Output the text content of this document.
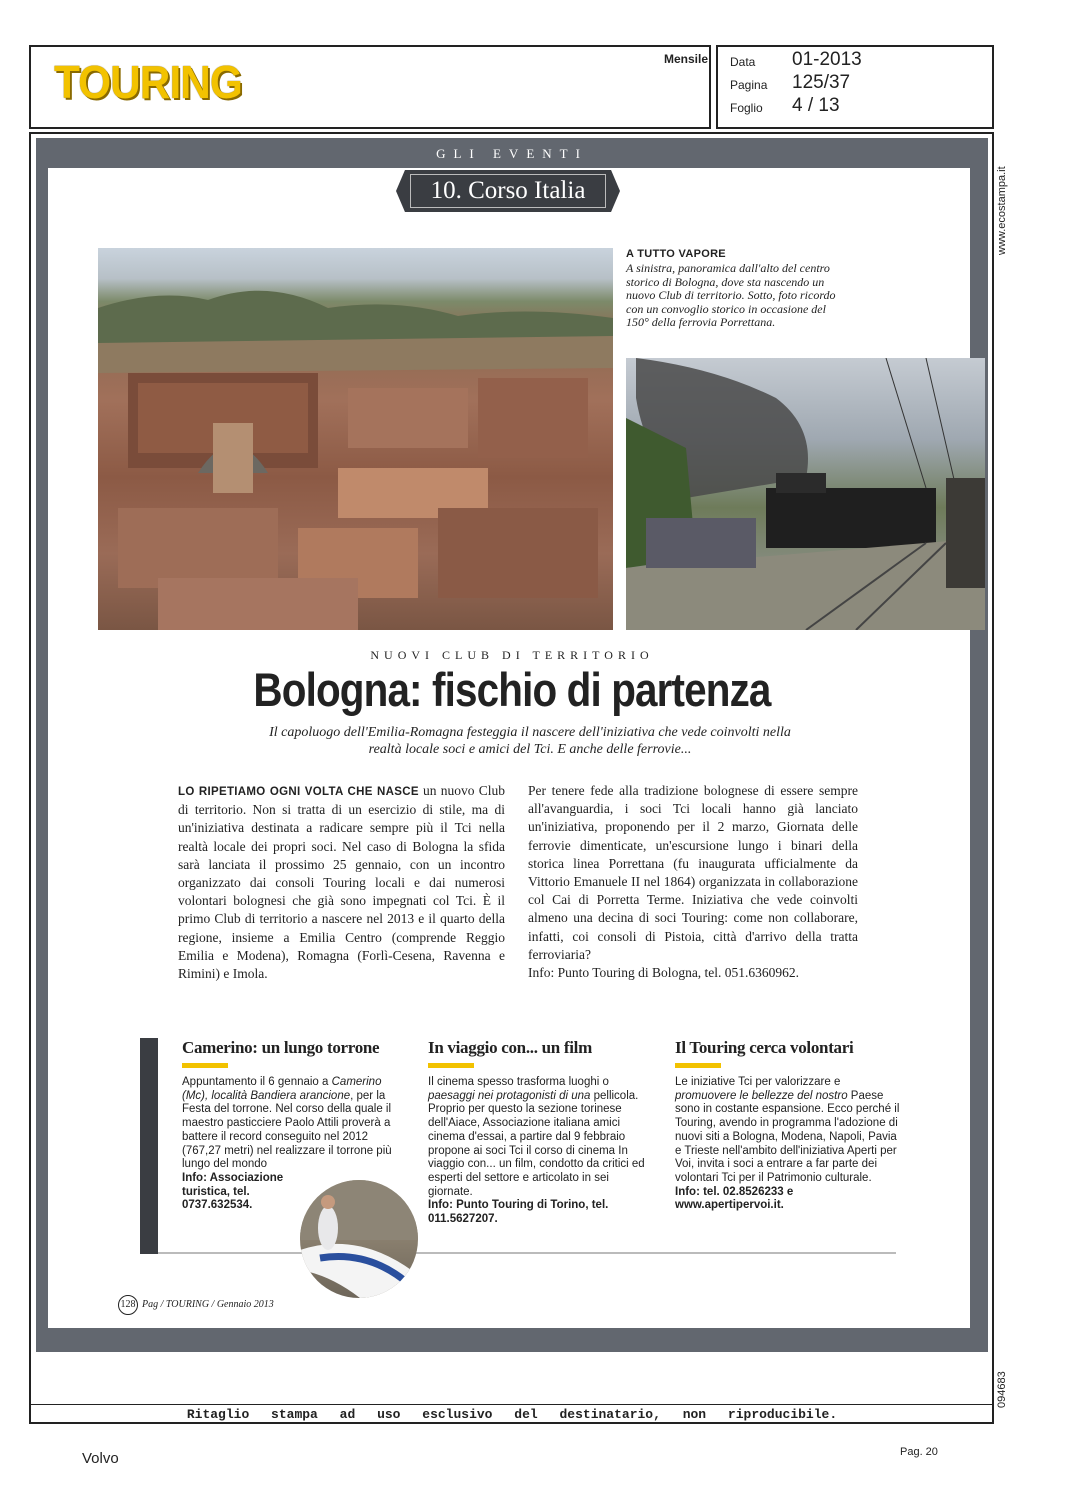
TOURING	Mensile Data 01-2013
Pagina 125/37
Foglio 4 / 13
www.ecostampa.it
094683
GLI EVENTI
10. Corso Italia
A TUTTO VAPORE
A sinistra, panoramica dall'alto del centro storico di Bologna, dove sta nascendo un nuovo Club di territorio. Sotto, foto ricordo con un convoglio storico in occasione del 150° della ferrovia Porrettana.
NUOVI CLUB DI TERRITORIO
Bologna: fischio di partenza
Il capoluogo dell'Emilia-Romagna festeggia il nascere dell'iniziativa che vede coinvolti nella realtà locale soci e amici del Tci. E anche delle ferrovie...
LO RIPETIAMO OGNI VOLTA CHE NASCE un nuovo Club di territorio. Non si tratta di un esercizio di stile, ma di un'iniziativa destinata a radicare sempre più il Tci nella realtà locale dei propri soci. Nel caso di Bologna la sfida sarà lanciata il prossimo 25 gennaio, con un incontro organizzato dai consoli Touring locali e dai numerosi volontari bolognesi che già sono impegnati col Tci. È il primo Club di territorio a nascere nel 2013 e il quarto della regione, insieme a Emilia Centro (comprende Reggio Emilia e Modena), Romagna (Forlì-Cesena, Ravenna e Rimini) e Imola.
Per tenere fede alla tradizione bolognese di essere sempre all'avanguardia, i soci Tci locali hanno già lanciato un'iniziativa, proponendo per il 2 marzo, Giornata delle ferrovie dimenticate, un'escursione lungo i binari della storica linea Porrettana (fu inaugurata ufficialmente da Vittorio Emanuele II nel 1864) organizzata in collaborazione col Cai di Porretta Terme. Iniziativa che vede coinvolti almeno una decina di soci Touring: come non collaborare, infatti, coi consoli di Pistoia, città d'arrivo della tratta ferroviaria?
Info: Punto Touring di Bologna, tel. 051.6360962.
Camerino: un lungo torrone
Appuntamento il 6 gennaio a Camerino (Mc), località Bandiera arancione, per la Festa del torrone. Nel corso della quale il maestro pasticciere Paolo Attili proverà a battere il record conseguito nel 2012 (767,27 metri) nel realizzare il torrone più lungo del mondo
Info: Associazione turistica, tel. 0737.632534.
In viaggio con... un film
Il cinema spesso trasforma luoghi o paesaggi nei protagonisti di una pellicola. Proprio per questo la sezione torinese dell'Aiace, Associazione italiana amici cinema d'essai, a partire dal 9 febbraio propone ai soci Tci il corso di cinema In viaggio con... un film, condotto da critici ed esperti del settore e articolato in sei giornate.
Info: Punto Touring di Torino, tel. 011.5627207.
Il Touring cerca volontari
Le iniziative Tci per valorizzare e promuovere le bellezze del nostro Paese sono in costante espansione. Ecco perché il Touring, avendo in programma l'adozione di nuovi siti a Bologna, Modena, Napoli, Pavia e Trieste nell'ambito dell'iniziativa Aperti per Voi, invita i soci a entrare a far parte dei volontari Tci per il Patrimonio culturale.
Info: tel. 02.8526233 e www.apertipervoi.it.
128 Pag / TOURING / Gennaio 2013
Ritaglio stampa ad uso esclusivo del destinatario, non riproducibile.
Volvo	Pag. 20
